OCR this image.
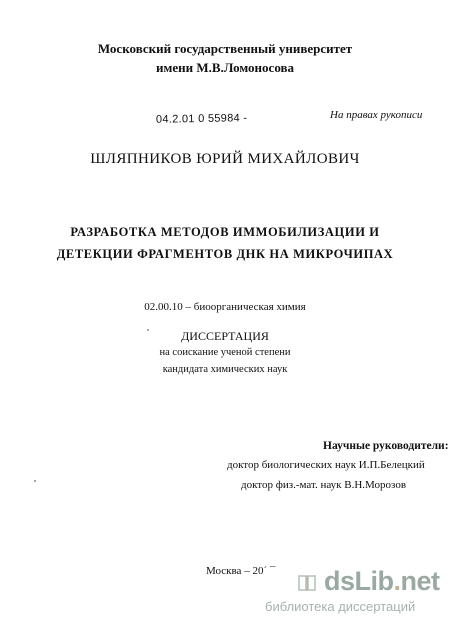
Московский государственный университет
имени М.В.Ломоносова
04.2.01 0 55984 -	На правах рукописи
ШЛЯПНИКОВ ЮРИЙ МИХАЙЛОВИЧ
РАЗРАБОТКА МЕТОДОВ ИММОБИЛИЗАЦИИ И
ДЕТЕКЦИИ ФРАГМЕНТОВ ДНК НА МИКРОЧИПАХ
02.00.10 – биоорганическая химия
ДИССЕРТАЦИЯ
на соискание ученой степени
кандидата химических наук
Научные руководители:
доктор биологических наук И.П.Белецкий
доктор физ.-мат. наук В.Н.Морозов
Москва – 20´ ¯ dsLib.net
библиотека диссертаций
